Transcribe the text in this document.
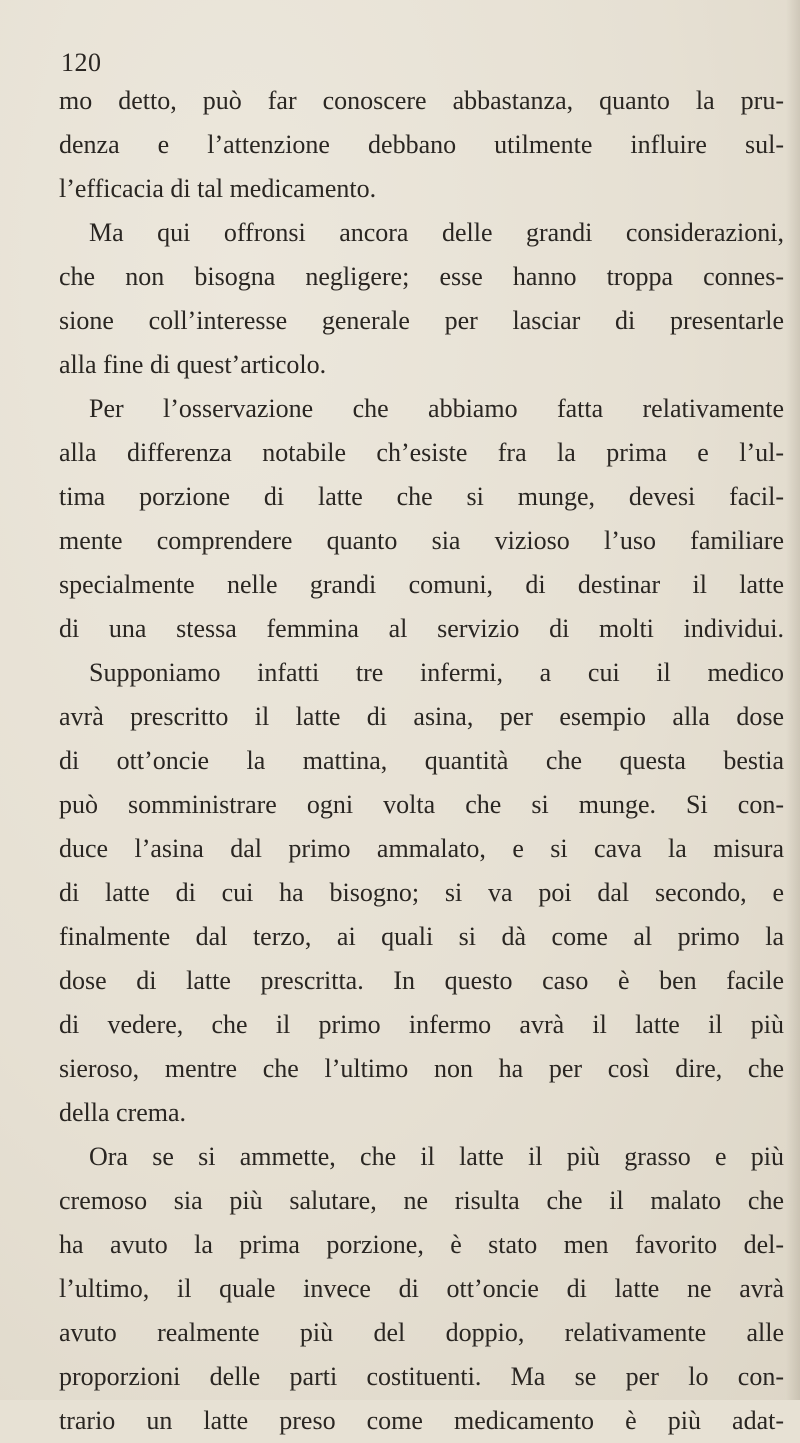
120
mo detto, può far conoscere abbastanza, quanto la pru-
denza e l’attenzione debbano utilmente influire sul-
l’efficacia di tal medicamento.
Ma qui offronsi ancora delle grandi considerazioni,
che non bisogna negligere; esse hanno troppa connes-
sione coll’interesse generale per lasciar di presentarle
alla fine di quest’articolo.
Per l’osservazione che abbiamo fatta relativamente
alla differenza notabile ch’esiste fra la prima e l’ul-
tima porzione di latte che si munge, devesi facil-
mente comprendere quanto sia vizioso l’uso familiare
specialmente nelle grandi comuni, di destinar il latte
di una stessa femmina al servizio di molti individui.
Supponiamo infatti tre infermi, a cui il medico
avrà prescritto il latte di asina, per esempio alla dose
di ott’oncie la mattina, quantità che questa bestia
può somministrare ogni volta che si munge. Si con-
duce l’asina dal primo ammalato, e si cava la misura
di latte di cui ha bisogno; si va poi dal secondo, e
finalmente dal terzo, ai quali si dà come al primo la
dose di latte prescritta. In questo caso è ben facile
di vedere, che il primo infermo avrà il latte il più
sieroso, mentre che l’ultimo non ha per così dire, che
della crema.
Ora se si ammette, che il latte il più grasso e più
cremoso sia più salutare, ne risulta che il malato che
ha avuto la prima porzione, è stato men favorito del-
l’ultimo, il quale invece di ott’oncie di latte ne avrà
avuto realmente più del doppio, relativamente alle
proporzioni delle parti costituenti. Ma se per lo con-
trario un latte preso come medicamento è più adat-
